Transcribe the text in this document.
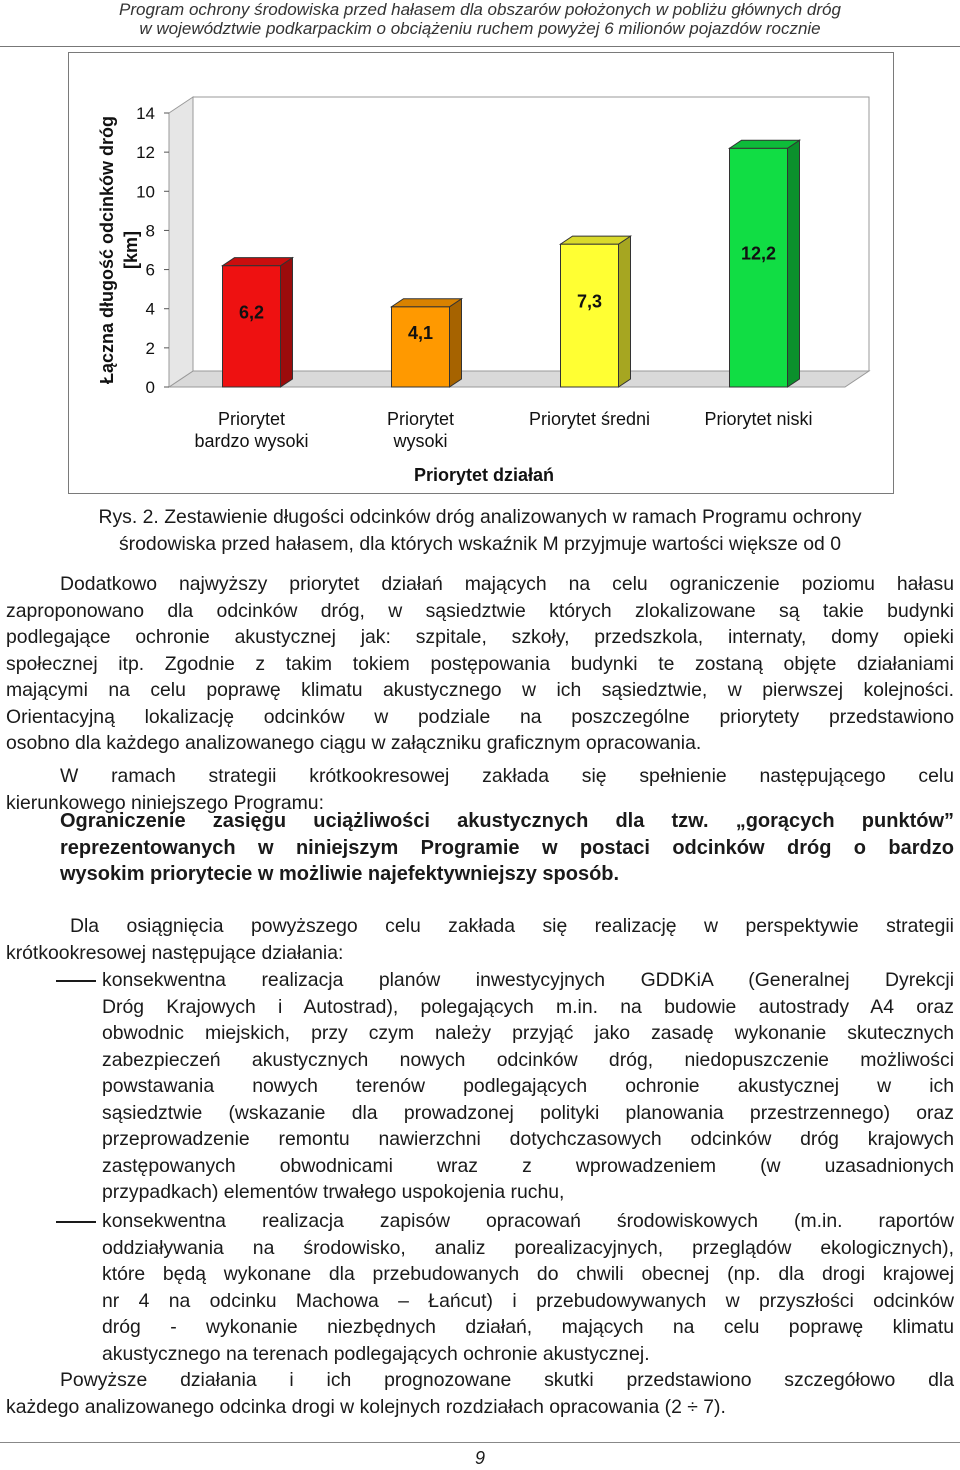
Program ochrony środowiska przed hałasem dla obszarów położonych w pobliżu głównych dróg
w województwie podkarpackim o obciążeniu ruchem powyżej 6 milionów pojazdów rocznie
0
2
4
6
8
10
12
14
Łączna długość odcinków dróg [km]
6,2
Priorytet
bardzo wysoki
4,1
Priorytet
wysoki
7,3
Priorytet średni
12,2
Priorytet niski
Priorytet działań
Rys. 2. Zestawienie długości odcinków dróg analizowanych w ramach Programu ochrony
środowiska przed hałasem, dla których wskaźnik M przyjmuje wartości większe od 0
Dodatkowo najwyższy priorytet działań mających na celu ograniczenie poziomu hałasu
zaproponowano dla odcinków dróg, w sąsiedztwie których zlokalizowane są takie budynki
podlegające ochronie akustycznej jak: szpitale, szkoły, przedszkola, internaty, domy opieki
społecznej itp. Zgodnie z takim tokiem postępowania budynki te zostaną objęte działaniami
mającymi na celu poprawę klimatu akustycznego w ich sąsiedztwie, w pierwszej kolejności.
Orientacyjną lokalizację odcinków w podziale na poszczególne priorytety przedstawiono
osobno dla każdego analizowanego ciągu w załączniku graficznym opracowania.
W ramach strategii krótkookresowej zakłada się spełnienie następującego celu
kierunkowego niniejszego Programu:
Ograniczenie zasięgu uciążliwości akustycznych dla tzw. „gorących punktów”
reprezentowanych w niniejszym Programie w postaci odcinków dróg o bardzo
wysokim priorytecie w możliwie najefektywniejszy sposób.
Dla osiągnięcia powyższego celu zakłada się realizację w perspektywie strategii
krótkookresowej następujące działania:
konsekwentna realizacja planów inwestycyjnych GDDKiA (Generalnej Dyrekcji
Dróg Krajowych i Autostrad), polegających m.in. na budowie autostrady A4 oraz
obwodnic miejskich, przy czym należy przyjąć jako zasadę wykonanie skutecznych
zabezpieczeń akustycznych nowych odcinków dróg, niedopuszczenie możliwości
powstawania nowych terenów podlegających ochronie akustycznej w ich
sąsiedztwie (wskazanie dla prowadzonej polityki planowania przestrzennego) oraz
przeprowadzenie remontu nawierzchni dotychczasowych odcinków dróg krajowych
zastępowanych obwodnicami wraz z wprowadzeniem (w uzasadnionych
przypadkach) elementów trwałego uspokojenia ruchu,
konsekwentna realizacja zapisów opracowań środowiskowych (m.in. raportów
oddziaływania na środowisko, analiz porealizacyjnych, przeglądów ekologicznych),
które będą wykonane dla przebudowanych do chwili obecnej (np. dla drogi krajowej
nr 4 na odcinku Machowa – Łańcut) i przebudowywanych w przyszłości odcinków
dróg - wykonanie niezbędnych działań, mających na celu poprawę klimatu
akustycznego na terenach podlegających ochronie akustycznej.
Powyższe działania i ich prognozowane skutki przedstawiono szczegółowo dla
każdego analizowanego odcinka drogi w kolejnych rozdziałach opracowania (2 ÷ 7).
9
